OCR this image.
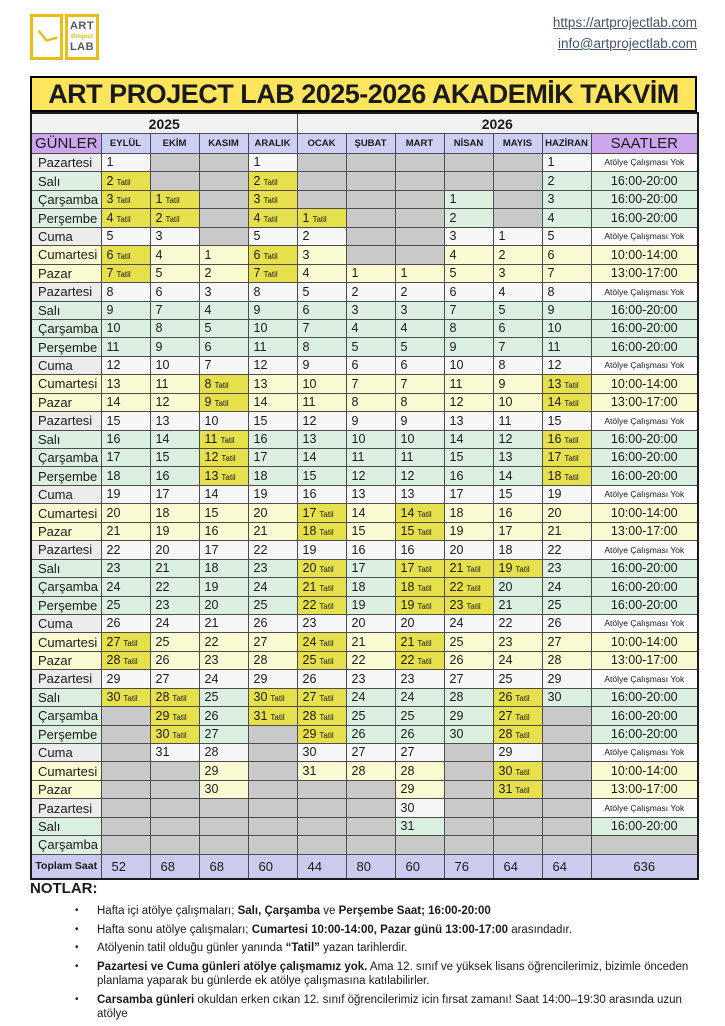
ART
Project
LAB
https://artprojectlab.com
info@artprojectlab.com
ART PROJECT LAB 2025-2026 AKADEMİK TAKVİM
2025					2026						
GÜNLER	EYLÜL	EKİM	KASIM	ARALIK	OCAK	ŞUBAT	MART	NİSAN	MAYIS	HAZİRAN	SAATLER
Pazartesi	1			1						1	Atölye Çalışması Yok
Salı	2 Tatil			2 Tatil						2	16:00-20:00
Çarşamba	3 Tatil	1 Tatil		3 Tatil				1		3	16:00-20:00
Perşembe	4 Tatil	2 Tatil		4 Tatil	1 Tatil			2		4	16:00-20:00
Cuma	5	3		5	2			3	1	5	Atölye Çalışması Yok
Cumartesi	6 Tatil	4	1	6 Tatil	3			4	2	6	10:00-14:00
Pazar	7 Tatil	5	2	7 Tatil	4	1	1	5	3	7	13:00-17:00
Pazartesi	8	6	3	8	5	2	2	6	4	8	Atölye Çalışması Yok
Salı	9	7	4	9	6	3	3	7	5	9	16:00-20:00
Çarşamba	10	8	5	10	7	4	4	8	6	10	16:00-20:00
Perşembe	11	9	6	11	8	5	5	9	7	11	16:00-20:00
Cuma	12	10	7	12	9	6	6	10	8	12	Atölye Çalışması Yok
Cumartesi	13	11	8 Tatil	13	10	7	7	11	9	13 Tatil	10:00-14:00
Pazar	14	12	9 Tatil	14	11	8	8	12	10	14 Tatil	13:00-17:00
Pazartesi	15	13	10	15	12	9	9	13	11	15	Atölye Çalışması Yok
Salı	16	14	11 Tatil	16	13	10	10	14	12	16 Tatil	16:00-20:00
Çarşamba	17	15	12 Tatil	17	14	11	11	15	13	17 Tatil	16:00-20:00
Perşembe	18	16	13 Tatil	18	15	12	12	16	14	18 Tatil	16:00-20:00
Cuma	19	17	14	19	16	13	13	17	15	19	Atölye Çalışması Yok
Cumartesi	20	18	15	20	17 Tatil	14	14 Tatil	18	16	20	10:00-14:00
Pazar	21	19	16	21	18 Tatil	15	15 Tatil	19	17	21	13:00-17:00
Pazartesi	22	20	17	22	19	16	16	20	18	22	Atölye Çalışması Yok
Salı	23	21	18	23	20 Tatil	17	17 Tatil	21 Tatil	19 Tatil	23	16:00-20:00
Çarşamba	24	22	19	24	21 Tatil	18	18 Tatil	22 Tatil	20	24	16:00-20:00
Perşembe	25	23	20	25	22 Tatil	19	19 Tatil	23 Tatil	21	25	16:00-20:00
Cuma	26	24	21	26	23	20	20	24	22	26	Atölye Çalışması Yok
Cumartesi	27 Tatil	25	22	27	24 Tatil	21	21 Tatil	25	23	27	10:00-14:00
Pazar	28 Tatil	26	23	28	25 Tatil	22	22 Tatil	26	24	28	13:00-17:00
Pazartesi	29	27	24	29	26	23	23	27	25	29	Atölye Çalışması Yok
Salı	30 Tatil	28 Tatil	25	30 Tatil	27 Tatil	24	24	28	26 Tatil	30	16:00-20:00
Çarşamba		29 Tatil	26	31 Tatil	28 Tatil	25	25	29	27 Tatil		16:00-20:00
Perşembe		30 Tatil	27		29 Tatil	26	26	30	28 Tatil		16:00-20:00
Cuma		31	28		30	27	27		29		Atölye Çalışması Yok
Cumartesi			29		31	28	28		30 Tatil		10:00-14:00
Pazar			30				29		31 Tatil		13:00-17:00
Pazartesi							30				Atölye Çalışması Yok
Salı							31				16:00-20:00
Çarşamba											
Toplam Saat	52	68	68	60	44	80	60	76	64	64	636
NOTLAR:
•	Hafta içi atölye çalışmaları; Salı, Çarşamba ve Perşembe Saat; 16:00-20:00
•	Hafta sonu atölye çalışmaları; Cumartesi 10:00-14:00, Pazar günü 13:00-17:00 arasındadır.
•	Atölyenin tatil olduğu günler yanında “Tatil” yazan tarihlerdir.
•	Pazartesi ve Cuma günleri atölye çalışmamız yok. Ama 12. sınıf ve yüksek lisans öğrencilerimiz, bizimle önceden planlama yaparak bu günlerde ek atölye çalışmasına katılabilirler.
•	Carsamba günleri okuldan erken cıkan 12. sınıf öğrencilerimiz icin fırsat zamanı! Saat 14:00–19:30 arasında uzun atölye
